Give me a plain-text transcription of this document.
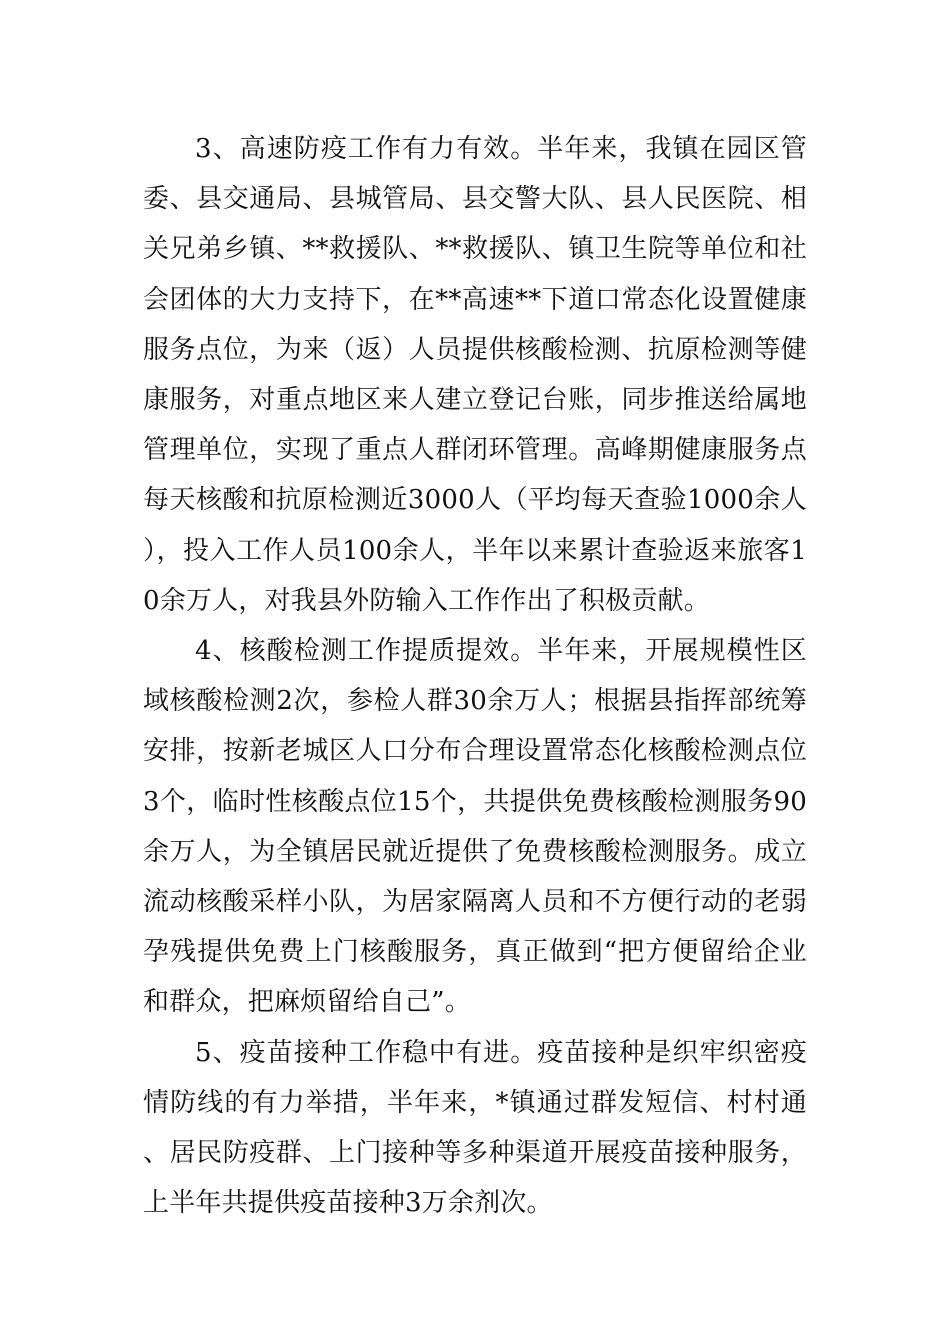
3、高速防疫工作有力有效。半年来，我镇在园区管委、县交通局、县城管局、县交警大队、县人民医院、相关兄弟乡镇、**救援队、**救援队、镇卫生院等单位和社会团体的大力支持下，在**高速**下道口常态化设置健康服务点位，为来（返）人员提供核酸检测、抗原检测等健康服务，对重点地区来人建立登记台账，同步推送给属地管理单位，实现了重点人群闭环管理。高峰期健康服务点每天核酸和抗原检测近3000人（平均每天查验1000余人），投入工作人员100余人，半年以来累计查验返来旅客10余万人，对我县外防输入工作作出了积极贡献。

4、核酸检测工作提质提效。半年来，开展规模性区域核酸检测2次，参检人群30余万人；根据县指挥部统筹安排，按新老城区人口分布合理设置常态化核酸检测点位3个，临时性核酸点位15个，共提供免费核酸检测服务90余万人，为全镇居民就近提供了免费核酸检测服务。成立流动核酸采样小队，为居家隔离人员和不方便行动的老弱孕残提供免费上门核酸服务，真正做到“把方便留给企业和群众，把麻烦留给自己”。

5、疫苗接种工作稳中有进。疫苗接种是织牢织密疫情防线的有力举措，半年来，*镇通过群发短信、村村通、居民防疫群、上门接种等多种渠道开展疫苗接种服务，上半年共提供疫苗接种3万余剂次。
